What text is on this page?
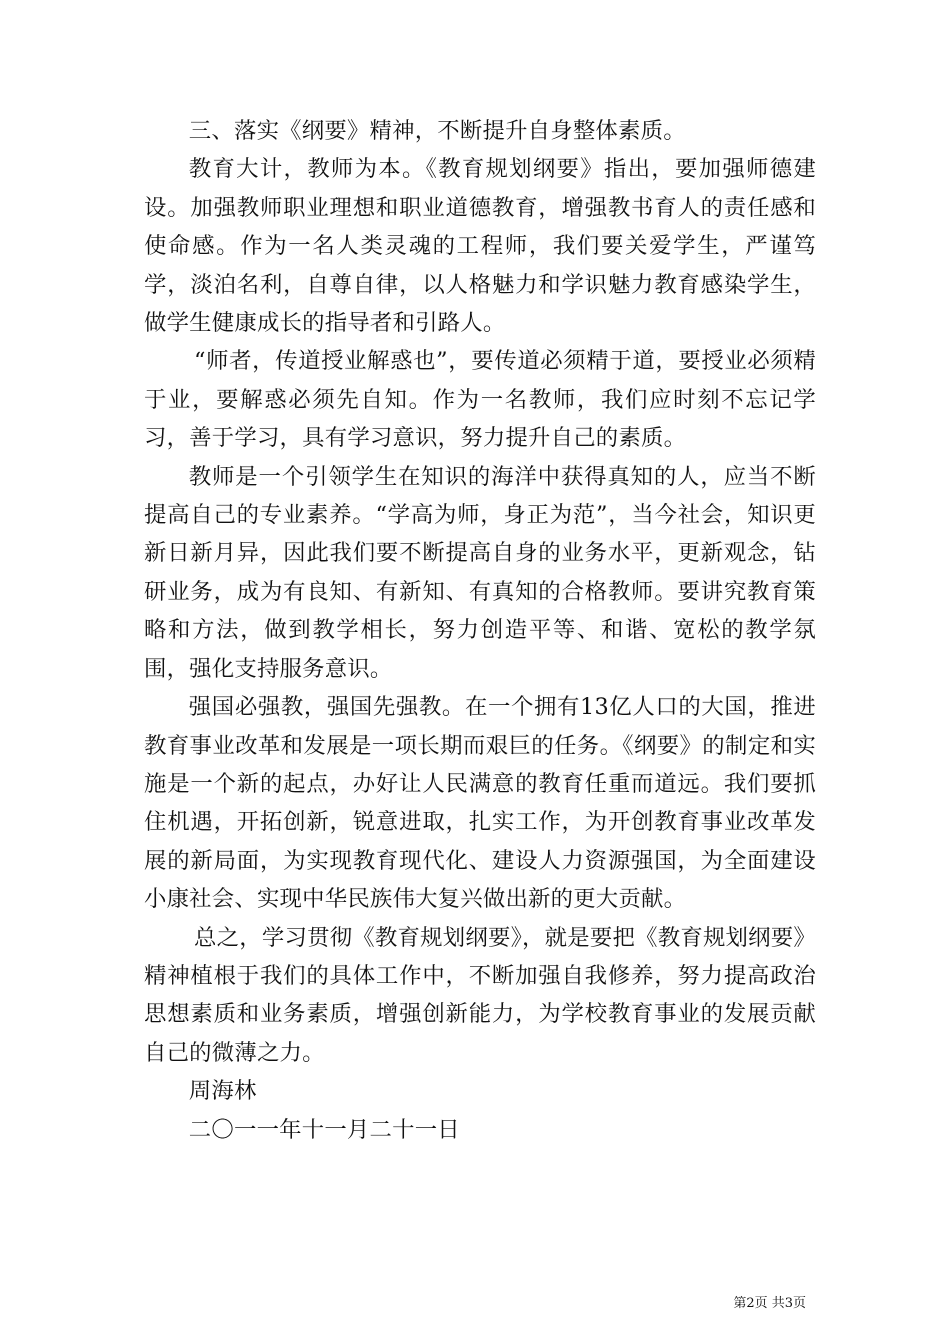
三、落实《纲要》精神，不断提升自身整体素质。

教育大计，教师为本。《教育规划纲要》指出，要加强师德建设。加强教师职业理想和职业道德教育，增强教书育人的责任感和使命感。作为一名人类灵魂的工程师，我们要关爱学生，严谨笃学，淡泊名利，自尊自律，以人格魅力和学识魅力教育感染学生，做学生健康成长的指导者和引路人。

“师者，传道授业解惑也”，要传道必须精于道，要授业必须精于业，要解惑必须先自知。作为一名教师，我们应时刻不忘记学习，善于学习，具有学习意识，努力提升自己的素质。

教师是一个引领学生在知识的海洋中获得真知的人，应当不断提高自己的专业素养。“学高为师，身正为范”，当今社会，知识更新日新月异，因此我们要不断提高自身的业务水平，更新观念，钻研业务，成为有良知、有新知、有真知的合格教师。要讲究教育策略和方法，做到教学相长，努力创造平等、和谐、宽松的教学氛围，强化支持服务意识。

强国必强教，强国先强教。在一个拥有13亿人口的大国，推进教育事业改革和发展是一项长期而艰巨的任务。《纲要》的制定和实施是一个新的起点，办好让人民满意的教育任重而道远。我们要抓住机遇，开拓创新，锐意进取，扎实工作，为开创教育事业改革发展的新局面，为实现教育现代化、建设人力资源强国，为全面建设小康社会、实现中华民族伟大复兴做出新的更大贡献。

总之，学习贯彻《教育规划纲要》，就是要把《教育规划纲要》精神植根于我们的具体工作中，不断加强自我修养，努力提高政治思想素质和业务素质，增强创新能力，为学校教育事业的发展贡献自己的微薄之力。

周海林

二〇一一年十一月二十一日

第2页 共3页
